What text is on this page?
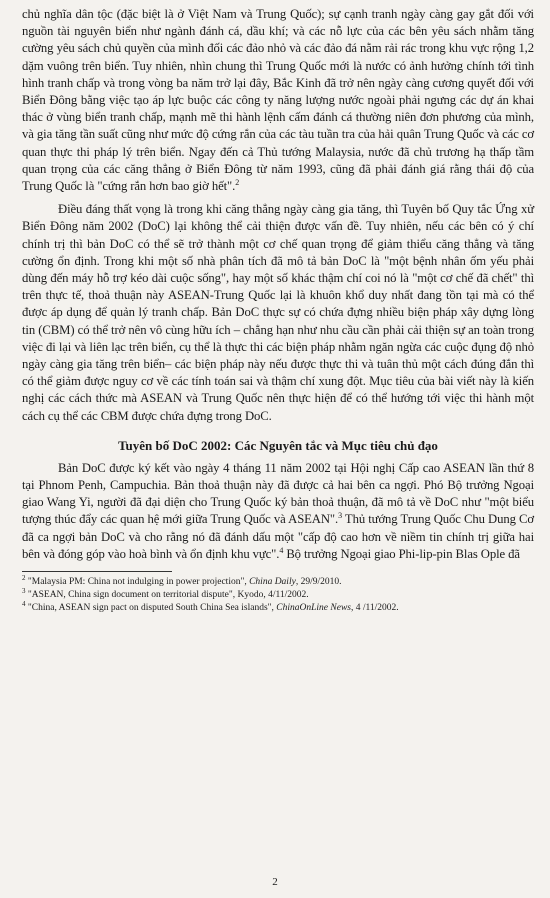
chủ nghĩa dân tộc (đặc biệt là ở Việt Nam và Trung Quốc); sự cạnh tranh ngày càng gay gắt đối với nguồn tài nguyên biển như ngành đánh cá, dầu khí; và các nỗ lực của các bên yêu sách nhằm tăng cường yêu sách chủ quyền của mình đối các đảo nhỏ và các đảo đá nằm rải rác trong khu vực rộng 1,2 dặm vuông trên biển. Tuy nhiên, nhìn chung thì Trung Quốc mới là nước có ảnh hưởng chính tới tình hình tranh chấp và trong vòng ba năm trở lại đây, Bắc Kinh đã trở nên ngày càng cương quyết đối với Biển Đông bằng việc tạo áp lực buộc các công ty năng lượng nước ngoài phải ngưng các dự án khai thác ở vùng biển tranh chấp, mạnh mẽ thi hành lệnh cấm đánh cá thường niên đơn phương của mình, và gia tăng tần suất cũng như mức độ cứng rắn của các tàu tuần tra của hải quân Trung Quốc và các cơ quan thực thi pháp lý trên biển. Ngay đến cả Thủ tướng Malaysia, nước đã chủ trương hạ thấp tầm quan trọng của các căng thẳng ở Biển Đông từ năm 1993, cũng đã phải đánh giá rằng thái độ của Trung Quốc là "cứng rắn hơn bao giờ hết".$^2$

Điều đáng thất vọng là trong khi căng thẳng ngày càng gia tăng, thì Tuyên bố Quy tắc Ứng xử Biển Đông năm 2002 (DoC) lại không thể cải thiện được vấn đề. Tuy nhiên, nếu các bên có ý chí chính trị thì bản DoC có thể sẽ trở thành một cơ chế quan trọng để giảm thiểu căng thẳng và tăng cường ổn định. Trong khi một số nhà phân tích đã mô tả bản DoC là "một bệnh nhân ốm yếu phải dùng đến máy hỗ trợ kéo dài cuộc sống", hay một số khác thậm chí coi nó là "một cơ chế đã chết" thì trên thực tế, thoả thuận này ASEAN-Trung Quốc lại là khuôn khổ duy nhất đang tồn tại mà có thể được áp dụng để quản lý tranh chấp. Bản DoC thực sự có chứa đựng nhiều biện pháp xây dựng lòng tin (CBM) có thể trở nên vô cùng hữu ích – chẳng hạn như nhu cầu cần phải cải thiện sự an toàn trong việc đi lại và liên lạc trên biển, cụ thể là thực thi các biện pháp nhằm ngăn ngừa các cuộc đụng độ nhỏ ngày càng gia tăng trên biển– các biện pháp này nếu được thực thi và tuân thủ một cách đúng đắn thì có thể giảm được nguy cơ về các tính toán sai và thậm chí xung đột. Mục tiêu của bài viết này là kiến nghị các cách thức mà ASEAN và Trung Quốc nên thực hiện để có thể hướng tới việc thi hành một cách cụ thể các CBM được chứa đựng trong DoC.

Tuyên bố DoC 2002: Các Nguyên tắc và Mục tiêu chủ đạo

Bản DoC được ký kết vào ngày 4 tháng 11 năm 2002 tại Hội nghị Cấp cao ASEAN lần thứ 8 tại Phnom Penh, Campuchia. Bản thoả thuận này đã được cả hai bên ca ngợi. Phó Bộ trưởng Ngoại giao Wang Yi, người đã đại diện cho Trung Quốc ký bản thoả thuận, đã mô tả về DoC như "một biểu tượng thúc đẩy các quan hệ mới giữa Trung Quốc và ASEAN".$^3$ Thủ tướng Trung Quốc Chu Dung Cơ đã ca ngợi bản DoC và cho rằng nó đã đánh dấu một "cấp độ cao hơn về niềm tin chính trị giữa hai bên và đóng góp vào hoà bình và ổn định khu vực".$^4$ Bộ trưởng Ngoại giao Phi-lip-pin Blas Ople đã

$^2$ "Malaysia PM: China not indulging in power projection", China Daily, 29/9/2010.

$^3$ "ASEAN, China sign document on territorial dispute", Kyodo, 4/11/2002.

$^4$ "China, ASEAN sign pact on disputed South China Sea islands", ChinaOnLine News, 4 /11/2002.

2
